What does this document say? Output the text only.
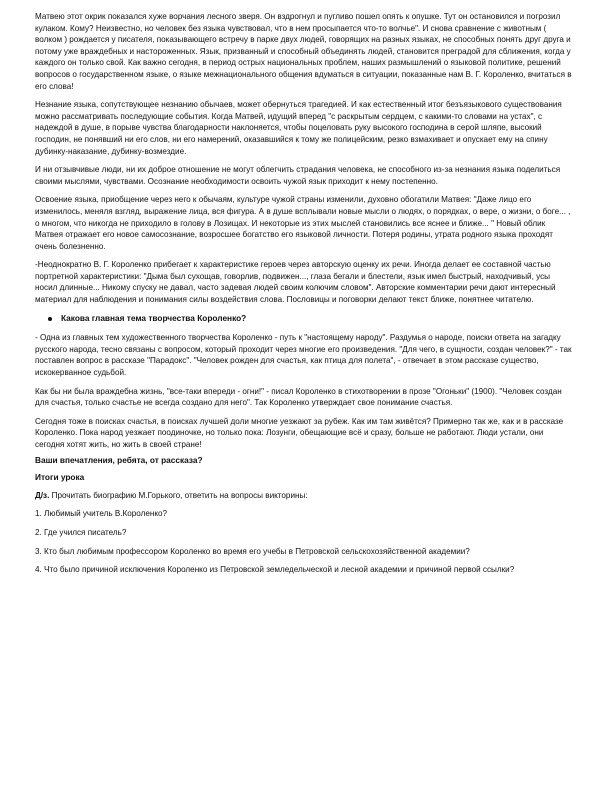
Матвею этот окрик показался хуже ворчания лесного зверя. Он вздрогнул и пугливо пошел опять к опушке. Тут он остановился и погрозил кулаком. Кому? Неизвестно, но человек без языка чувствовал, что в нем просыпается что-то волчье". И снова сравнение с животным ( волком ) рождается у писателя, показывающего встречу в парке двух людей, говорящих на разных языках, не способных понять друг друга и потому уже враждебных и настороженных. Язык, призванный и способный объединять людей, становится преградой для сближения, когда у каждого он только свой. Как важно сегодня, в период острых национальных проблем, наших размышлений о языковой политике, решений вопросов о государственном языке, о языке межнационального общения вдуматься в ситуации, показанные нам В. Г. Короленко, вчитаться в его слова!

Незнание языка, сопутствующее незнанию обычаев, может обернуться трагедией. И как естественный итог безъязыкового существования можно рассматривать последующие события. Когда Матвей, идущий вперед "с раскрытым сердцем, с какими-то словами на устах", с надеждой в душе, в порыве чувства благодарности наклоняется, чтобы поцеловать руку высокого господина в серой шляпе, высокий господин, не понявший ни его слов, ни его намерений, оказавшийся к тому же полицейским, резко взмахивает и опускает ему на спину дубинку-наказание, дубинку-возмездие.

И ни отзывчивые люди, ни их доброе отношение не могут облегчить страдания человека, не способного из-за незнания языка поделиться своими мыслями, чувствами. Осознание необходимости освоить чужой язык приходит к нему постепенно.

Освоение языка, приобщение через него к обычаям, культуре чужой страны изменили, духовно обогатили Матвея: "Даже лицо его изменилось, меняля взгляд, выражение лица, вся фигура. А в душе всплывали новые мысли о людях, о порядках, о вере, о жизни, о боге... , о многом, что никогда не приходило в голову в Лозищах. И некоторые из этих мыслей становились все яснее и ближе... " Новый облик Матвея отражает его новое самосознание, возросшее богатство его языковой личности. Потеря родины, утрата родного языка проходят очень болезненно.

-Неоднократно В. Г. Короленко прибегает к характеристике героев через авторскую оценку их речи. Иногда делает ее составной частью портретной характеристики: "Дыма был сухощав, говорлив, подвижен..., глаза бегали и блестели, язык имел быстрый, находчивый, усы носил длинные... Никому спуску не давал, часто задевая людей своим колючим словом". Авторские комментарии речи дают интересный материал для наблюдения и понимания силы воздействия слова. Пословицы и поговорки делают текст ближе, понятнее читателю.

Какова главная тема творчества Короленко?

- Одна из главных тем художественного творчества Короленко - путь к "настоящему народу". Раздумья о народе, поиски ответа на загадку русского народа, тесно связаны с вопросом, который проходит через многие его произведения. "Для чего, в сущности, создан человек?" - так поставлен вопрос в рассказе "Парадокс". "Человек рожден для счастья, как птица для полета", - отвечает в этом рассказе существо, искокерванное судьбой.

Как бы ни была враждебна жизнь, "все-таки впереди - огни!" - писал Короленко в стихотворении в прозе "Огоньки" (1900). "Человек создан для счастья, только счастье не всегда создано для него". Так Короленко утверждает свое понимание счастья.

Сегодня тоже в поисках счастья, в поисках лучшей доли многие уезжают за рубеж. Как им там живётся? Примерно так же, как и в рассказе Короленко. Пока народ уезжает поодиночке, но только пока: Лозунги, обещающие всё и сразу, больше не работают. Люди устали, они сегодня хотят жить, но жить в своей стране!

Ваши впечатления, ребята, от рассказа?
Итоги урока

Д/з. Прочитать биографию М.Горького, ответить на вопросы викторины:

1. Любимый учитель В.Короленко?

2. Где учился писатель?

3. Кто был любимым профессором Короленко во время его учебы в Петровской сельскохозяйственной академии?

4. Что было причиной исключения Короленко из Петровской земледельческой и лесной академии и причиной первой ссылки?
